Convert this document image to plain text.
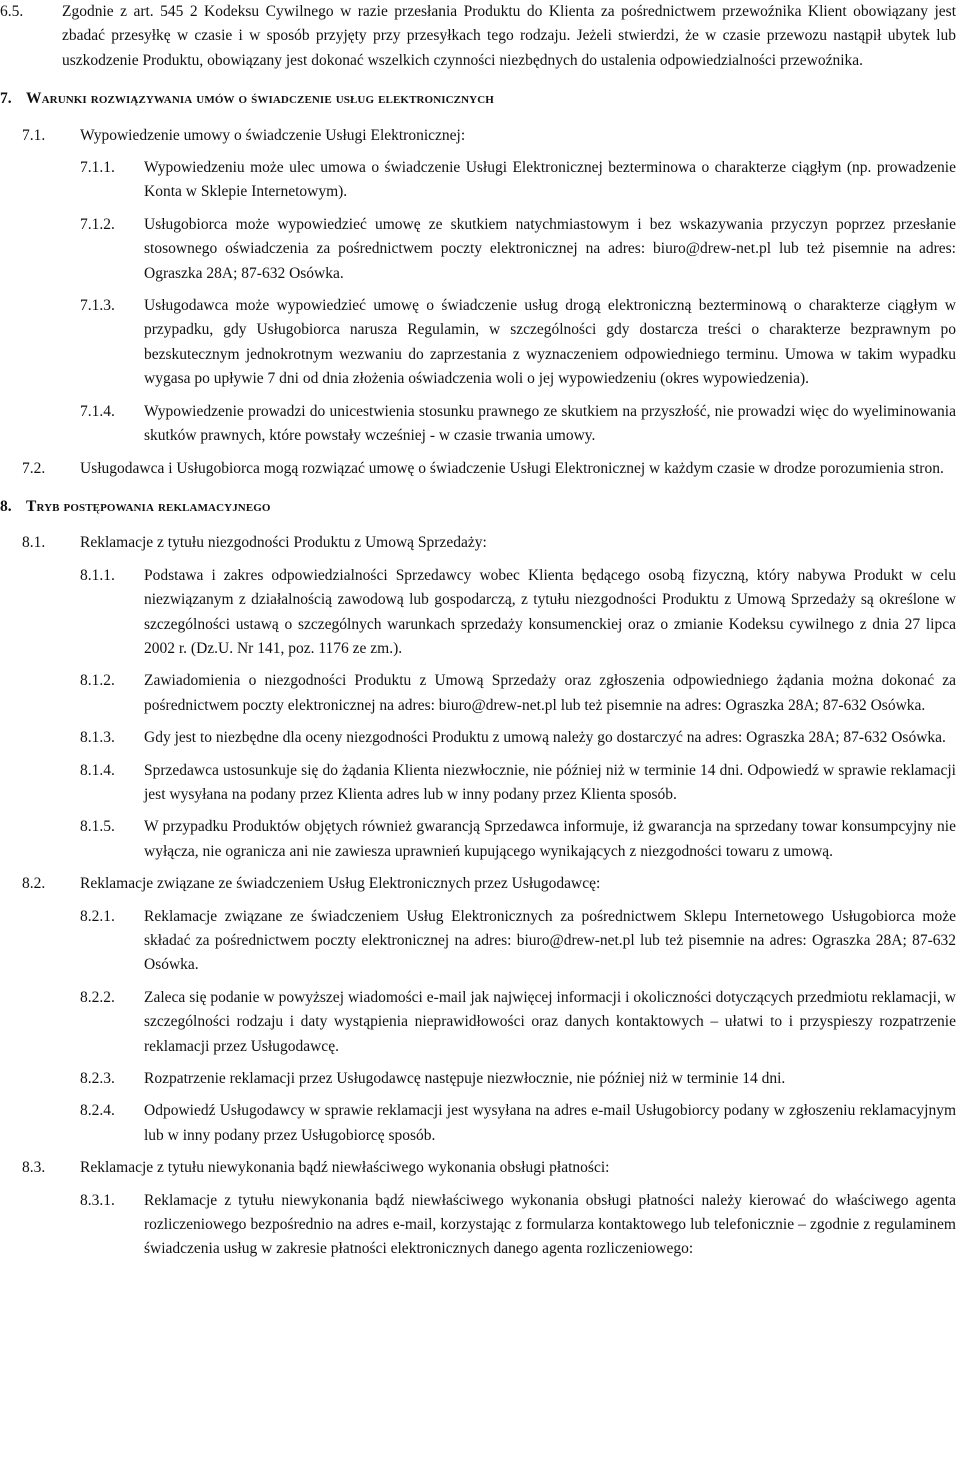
6.5.	Zgodnie z art. 545 2 Kodeksu Cywilnego w razie przesłania Produktu do Klienta za pośrednictwem przewoźnika Klient obowiązany jest zbadać przesyłkę w czasie i w sposób przyjęty przy przesyłkach tego rodzaju. Jeżeli stwierdzi, że w czasie przewozu nastąpił ubytek lub uszkodzenie Produktu, obowiązany jest dokonać wszelkich czynności niezbędnych do ustalenia odpowiedzialności przewoźnika.
7. Warunki rozwiązywania umów o świadczenie usług elektronicznych
7.1.	Wypowiedzenie umowy o świadczenie Usługi Elektronicznej:
7.1.1.	Wypowiedzeniu może ulec umowa o świadczenie Usługi Elektronicznej bezterminowa o charakterze ciągłym (np. prowadzenie Konta w Sklepie Internetowym).
7.1.2.	Usługobiorca może wypowiedzieć umowę ze skutkiem natychmiastowym i bez wskazywania przyczyn poprzez przesłanie stosownego oświadczenia za pośrednictwem poczty elektronicznej na adres: biuro@drew-net.pl lub też pisemnie na adres: Ograszka 28A; 87-632 Osówka.
7.1.3.	Usługodawca może wypowiedzieć umowę o świadczenie usług drogą elektroniczną bezterminową o charakterze ciągłym w przypadku, gdy Usługobiorca narusza Regulamin, w szczególności gdy dostarcza treści o charakterze bezprawnym po bezskutecznym jednokrotnym wezwaniu do zaprzestania z wyznaczeniem odpowiedniego terminu. Umowa w takim wypadku wygasa po upływie 7 dni od dnia złożenia oświadczenia woli o jej wypowiedzeniu (okres wypowiedzenia).
7.1.4.	Wypowiedzenie prowadzi do unicestwienia stosunku prawnego ze skutkiem na przyszłość, nie prowadzi więc do wyeliminowania skutków prawnych, które powstały wcześniej - w czasie trwania umowy.
7.2.	Usługodawca i Usługobiorca mogą rozwiązać umowę o świadczenie Usługi Elektronicznej w każdym czasie w drodze porozumienia stron.
8. Tryb postępowania reklamacyjnego
8.1.	Reklamacje z tytułu niezgodności Produktu z Umową Sprzedaży:
8.1.1.	Podstawa i zakres odpowiedzialności Sprzedawcy wobec Klienta będącego osobą fizyczną, który nabywa Produkt w celu niezwiązanym z działalnością zawodową lub gospodarczą, z tytułu niezgodności Produktu z Umową Sprzedaży są określone w szczególności ustawą o szczególnych warunkach sprzedaży konsumenckiej oraz o zmianie Kodeksu cywilnego z dnia 27 lipca 2002 r. (Dz.U. Nr 141, poz. 1176 ze zm.).
8.1.2.	Zawiadomienia o niezgodności Produktu z Umową Sprzedaży oraz zgłoszenia odpowiedniego żądania można dokonać za pośrednictwem poczty elektronicznej na adres: biuro@drew-net.pl lub też pisemnie na adres: Ograszka 28A; 87-632 Osówka.
8.1.3.	Gdy jest to niezbędne dla oceny niezgodności Produktu z umową należy go dostarczyć na adres: Ograszka 28A; 87-632 Osówka.
8.1.4.	Sprzedawca ustosunkuje się do żądania Klienta niezwłocznie, nie później niż w terminie 14 dni. Odpowiedź w sprawie reklamacji jest wysyłana na podany przez Klienta adres lub w inny podany przez Klienta sposób.
8.1.5.	W przypadku Produktów objętych również gwarancją Sprzedawca informuje, iż gwarancja na sprzedany towar konsumpcyjny nie wyłącza, nie ogranicza ani nie zawiesza uprawnień kupującego wynikających z niezgodności towaru z umową.
8.2.	Reklamacje związane ze świadczeniem Usług Elektronicznych przez Usługodawcę:
8.2.1.	Reklamacje związane ze świadczeniem Usług Elektronicznych za pośrednictwem Sklepu Internetowego Usługobiorca może składać za pośrednictwem poczty elektronicznej na adres: biuro@drew-net.pl lub też pisemnie na adres: Ograszka 28A; 87-632 Osówka.
8.2.2.	Zaleca się podanie w powyższej wiadomości e-mail jak najwięcej informacji i okoliczności dotyczących przedmiotu reklamacji, w szczególności rodzaju i daty wystąpienia nieprawidłowości oraz danych kontaktowych – ułatwi to i przyspieszy rozpatrzenie reklamacji przez Usługodawcę.
8.2.3.	Rozpatrzenie reklamacji przez Usługodawcę następuje niezwłocznie, nie później niż w terminie 14 dni.
8.2.4.	Odpowiedź Usługodawcy w sprawie reklamacji jest wysyłana na adres e-mail Usługobiorcy podany w zgłoszeniu reklamacyjnym lub w inny podany przez Usługobiorcę sposób.
8.3.	Reklamacje z tytułu niewykonania bądź niewłaściwego wykonania obsługi płatności:
8.3.1.	Reklamacje z tytułu niewykonania bądź niewłaściwego wykonania obsługi płatności należy kierować do właściwego agenta rozliczeniowego bezpośrednio na adres e-mail, korzystając z formularza kontaktowego lub telefonicznie – zgodnie z regulaminem świadczenia usług w zakresie płatności elektronicznych danego agenta rozliczeniowego:
